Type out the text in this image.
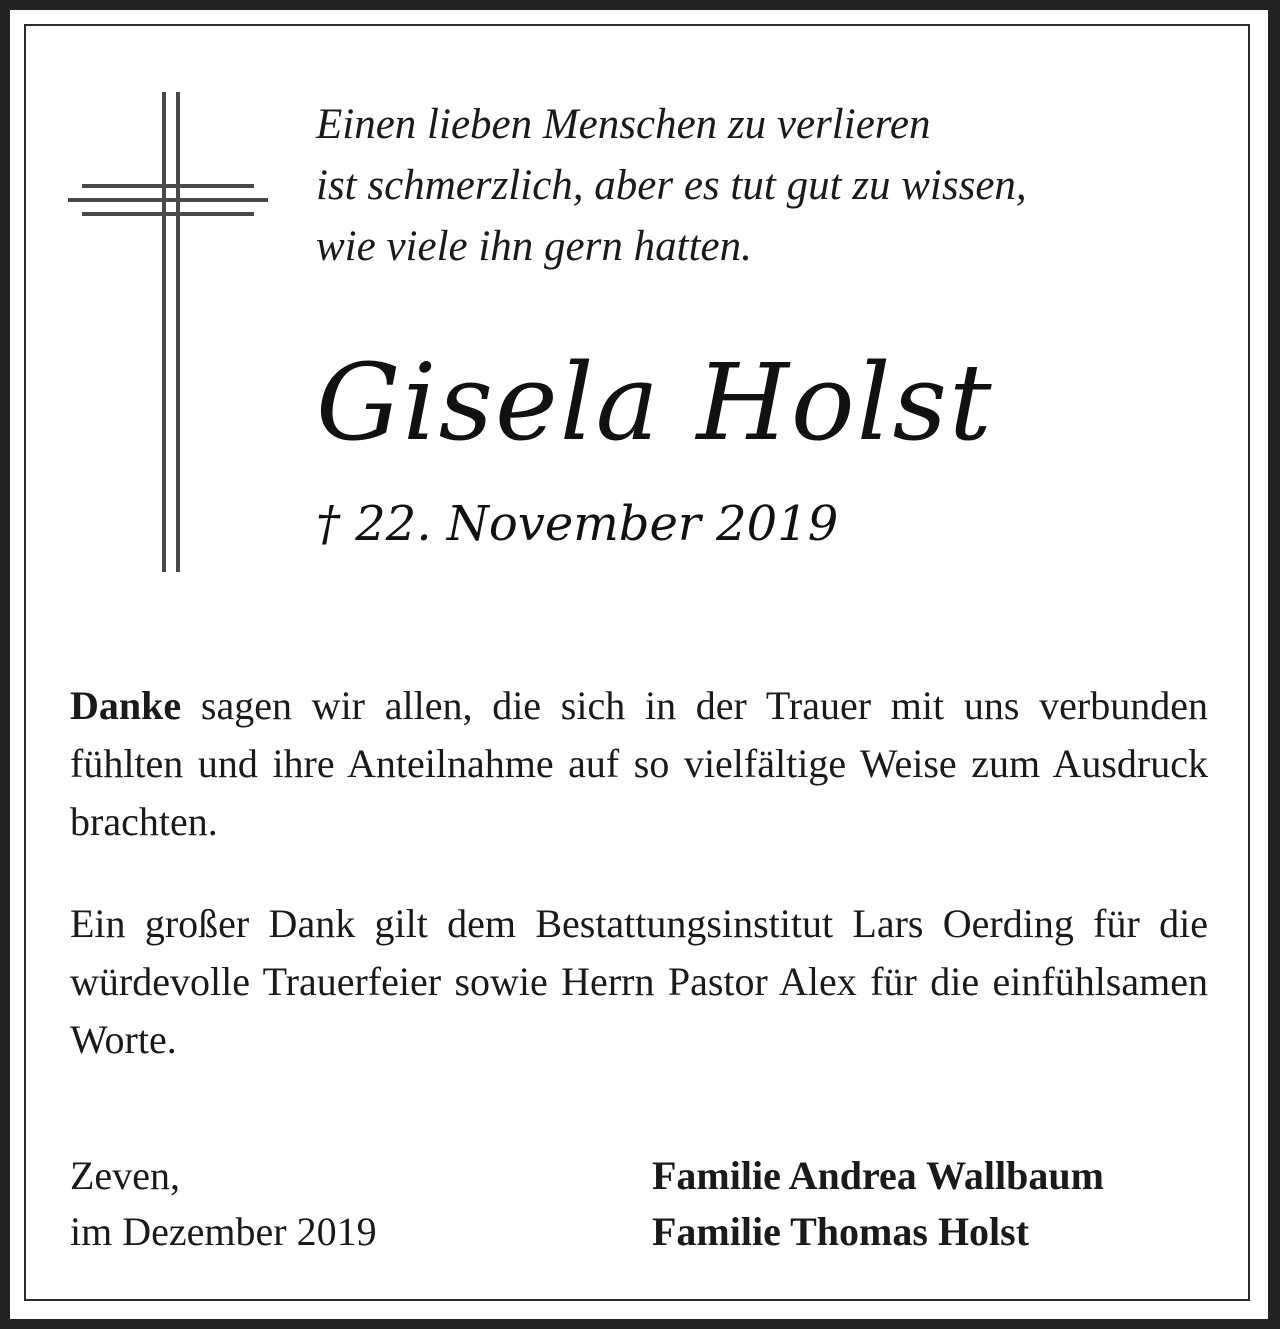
Einen lieben Menschen zu verlieren
ist schmerzlich, aber es tut gut zu wissen,
wie viele ihn gern hatten.
Gisela Holst
† 22. November 2019
Danke sagen wir allen, die sich in der Trauer mit uns verbunden fühlten und ihre Anteilnahme auf so vielfältige Weise zum Ausdruck brachten.
Ein großer Dank gilt dem Bestattungsinstitut Lars Oerding für die würdevolle Trauerfeier sowie Herrn Pastor Alex für die einfühlsamen Worte.
Zeven,
im Dezember 2019
Familie Andrea Wallbaum
Familie Thomas Holst
